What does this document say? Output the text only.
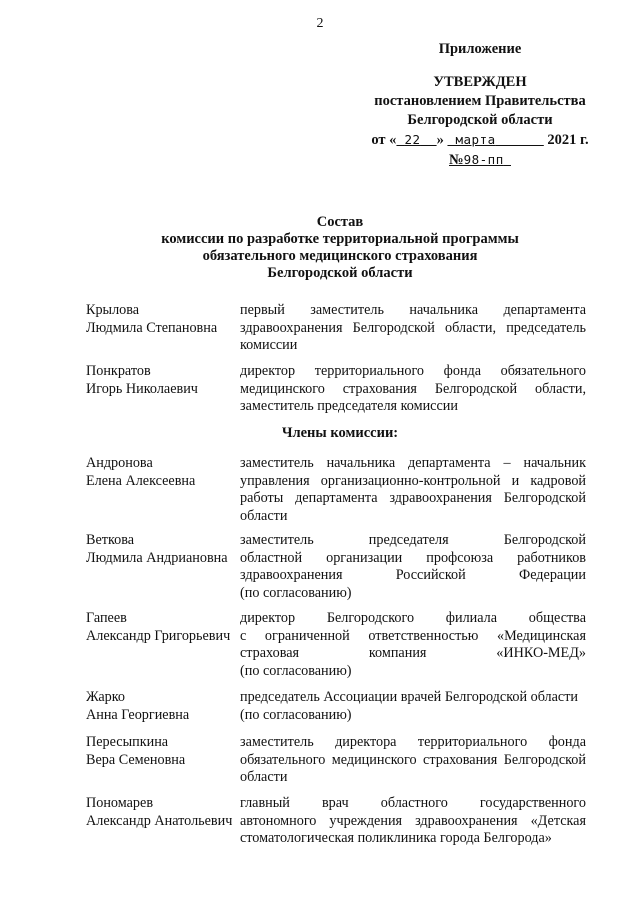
2
Приложение
УТВЕРЖДЕН
постановлением Правительства
Белгородской области
от « 22 » марта	2021 г.
№98-пп
Состав
комиссии по разработке территориальной программы
обязательного медицинского страхования
Белгородской области
Крылова
Людмила Степановна
первый заместитель начальника департамента
здравоохранения Белгородской области, председатель
комиссии
Понкратов
Игорь Николаевич
директор территориального фонда обязательного
медицинского страхования Белгородской области,
заместитель председателя комиссии
Члены комиссии:
Андронова
Елена Алексеевна
заместитель начальника департамента – начальник
управления организационно-контрольной и кадровой
работы департамента здравоохранения Белгородской
области
Веткова
Людмила Андриановна
заместитель председателя Белгородской
областной организации профсоюза работников
здравоохранения Российской Федерации
(по согласованию)
Гапеев
Александр Григорьевич
директор Белгородского филиала общества
с ограниченной ответственностью «Медицинская
страховая компания «ИНКО-МЕД»
(по согласованию)
Жарко
Анна Георгиевна
председатель Ассоциации врачей Белгородской области
(по согласованию)
Пересыпкина
Вера Семеновна
заместитель директора территориального фонда
обязательного медицинского страхования Белгородской
области
Пономарев
Александр Анатольевич
главный врач областного государственного
автономного учреждения здравоохранения «Детская
стоматологическая поликлиника города Белгорода»
